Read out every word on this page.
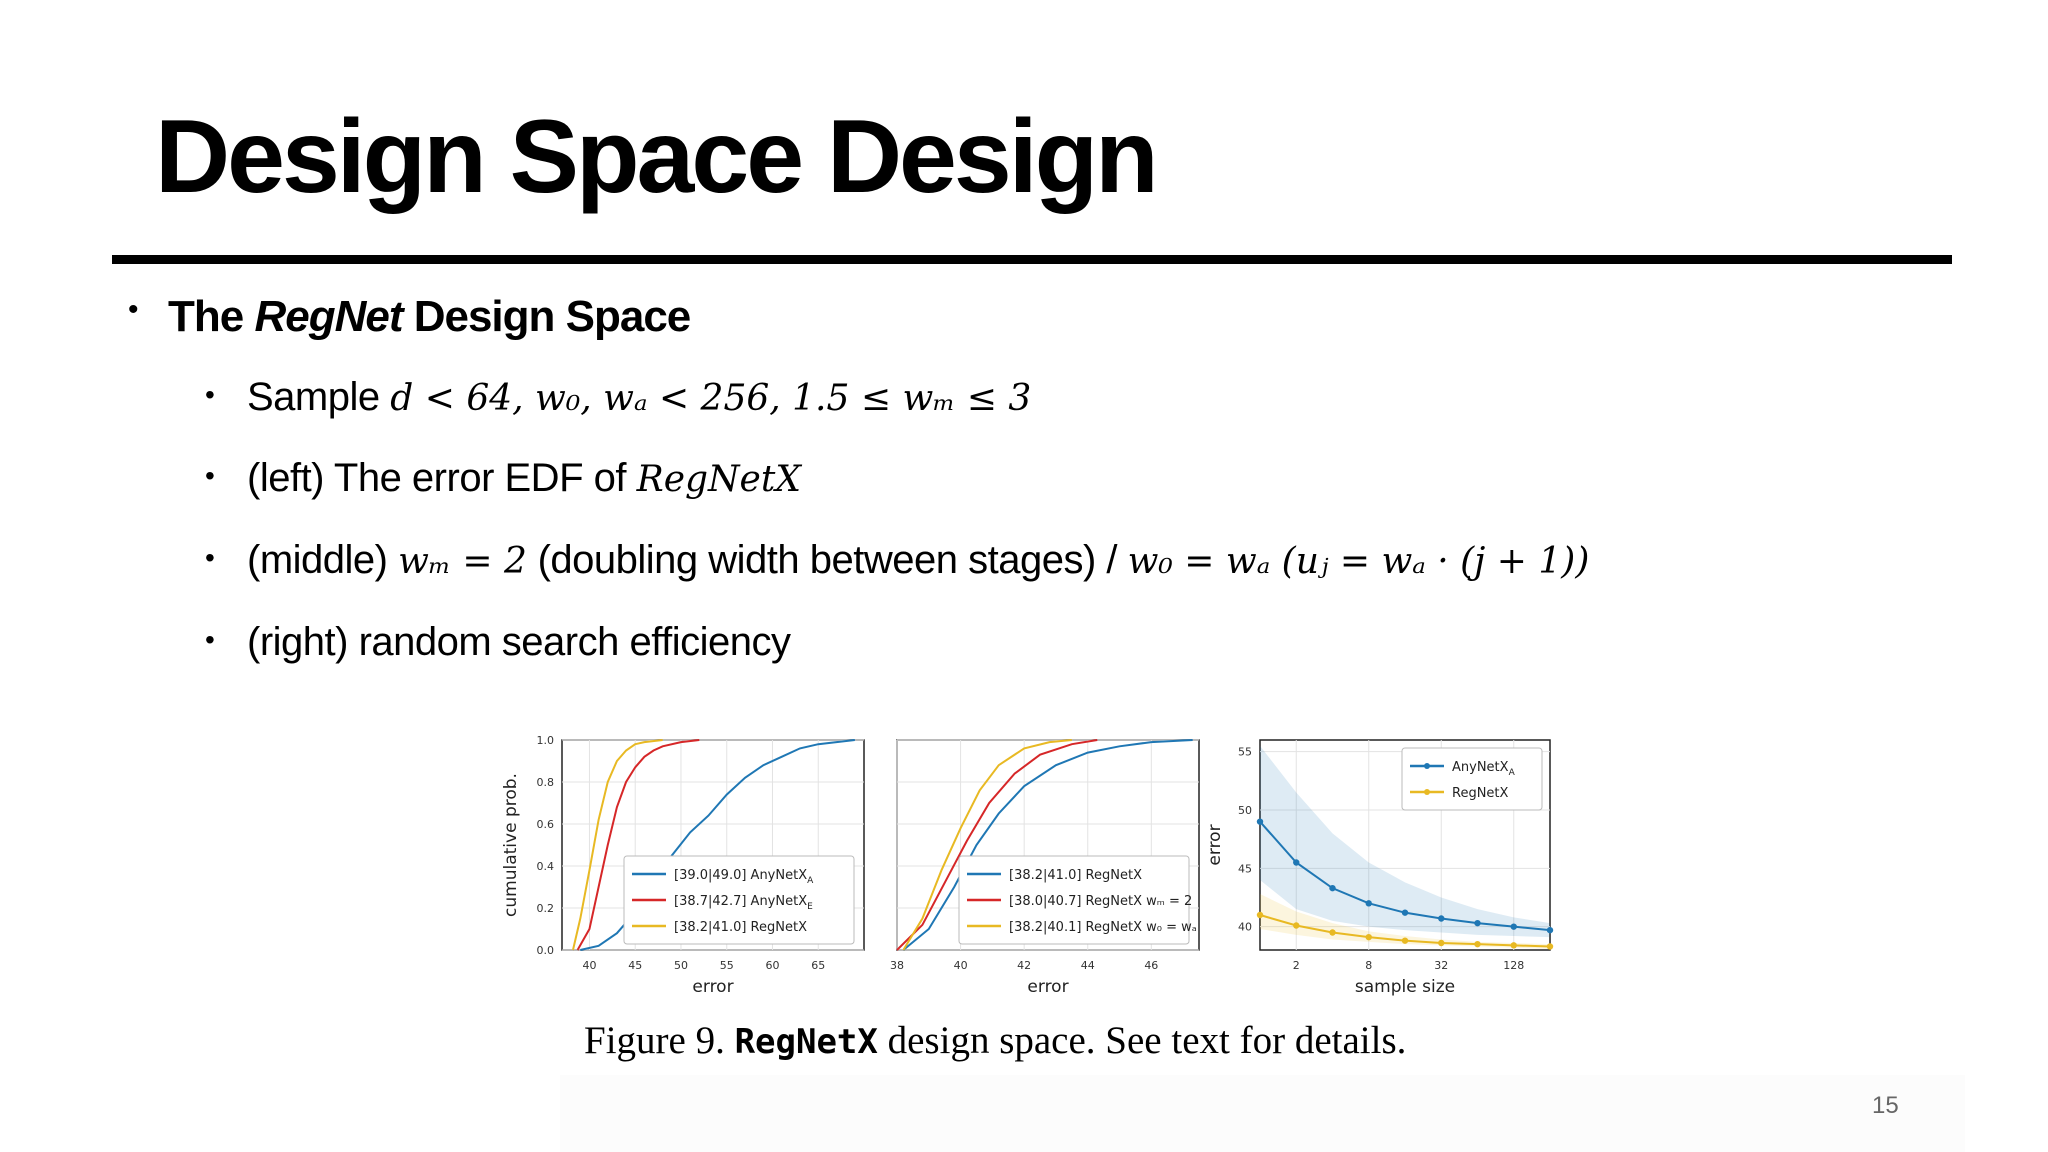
Design Space Design
• The RegNet Design Space
• Sample d < 64, w₀, wₐ < 256, 1.5 ≤ wₘ ≤ 3
• (left) The error EDF of RegNetX
• (middle) wₘ = 2 (doubling width between stages) / w₀ = wₐ (uⱼ = wₐ · (j + 1))
• (right) random search efficiency
0.0
0.2
0.4
0.6
0.8
1.0
40	45	50	55	60	65
error
cumulative prob.	[39.0|49.0] AnyNetX$_A$
[38.7|42.7] AnyNetX$_E$
[38.2|41.0] RegNetX
38	40	42	44	46
error
[38.2|41.0] RegNetX
[38.0|40.7] RegNetX wₘ = 2
[38.2|40.1] RegNetX w₀ = wₐ	40
45
50
55
2	8	32	128
sample size
error
AnyNetX$_A$
RegNetX
Figure 9. RegNetX design space. See text for details.
15
